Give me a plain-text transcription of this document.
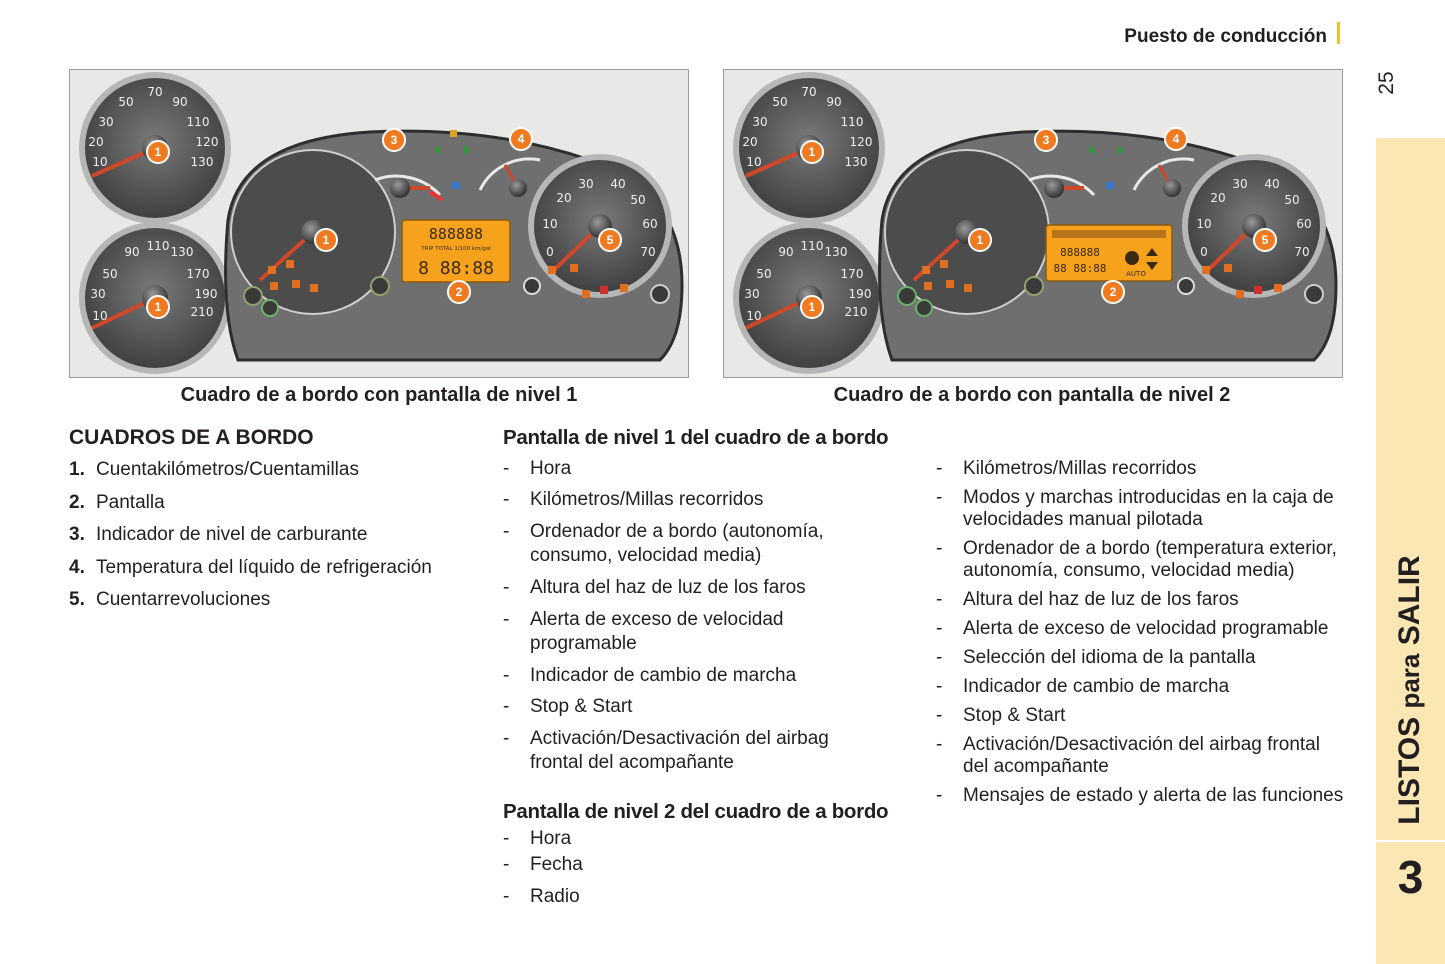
Puesto de conducción
25
LISTOS para SALIR
3
50
70
90
30	110
20	120
10	130
90 110 130
50	170
30	190
10	210
888888
TRIP TOTAL 1/100 km/gal
8 88:88
30 40
20	50
10	60
0	70
1
1
1
2
3	4
5
50
70
90
30	110
20	120
10	130
90 110 130
50	170
30	190
10	210
888888
88 88:88	AUTO
30 40
20	50
10	60
0	70
1
1
1
2
3	4
5
Cuadro de a bordo con pantalla de nivel 1	Cuadro de a bordo con pantalla de nivel 2
CUADROS DE A BORDO
1. Cuentakilómetros/Cuentamillas
2. Pantalla
3. Indicador de nivel de carburante
4. Temperatura del líquido de refrigeración
5. Cuentarrevoluciones
Pantalla de nivel 1 del cuadro de a bordo
- Hora
- Kilómetros/Millas recorridos
- Ordenador de a bordo (autonomía, consumo, velocidad media)
- Altura del haz de luz de los faros
- Alerta de exceso de velocidad programable
- Indicador de cambio de marcha
- Stop & Start
- Activación/Desactivación del airbag frontal del acompañante
Pantalla de nivel 2 del cuadro de a bordo
- Hora
- Fecha
- Radio
- Kilómetros/Millas recorridos
- Modos y marchas introducidas en la caja de velocidades manual pilotada
- Ordenador de a bordo (temperatura exterior, autonomía, consumo, velocidad media)
- Altura del haz de luz de los faros
- Alerta de exceso de velocidad programable
- Selección del idioma de la pantalla
- Indicador de cambio de marcha
- Stop & Start
- Activación/Desactivación del airbag frontal del acompañante
- Mensajes de estado y alerta de las funciones
